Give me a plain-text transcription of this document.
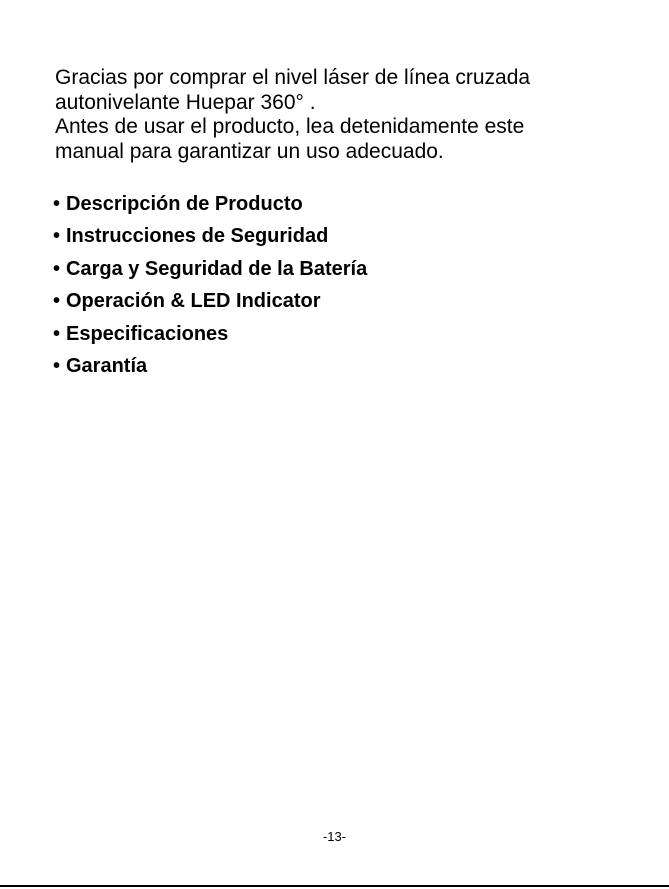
Gracias por comprar el nivel láser de línea cruzada

autonivelante Huepar 360° .

Antes de usar el producto, lea detenidamente este

manual para garantizar un uso adecuado.

• Descripción de Producto
• Instrucciones de Seguridad
• Carga y Seguridad de la Batería
• Operación & LED Indicator
• Especificaciones
• Garantía
-13-
